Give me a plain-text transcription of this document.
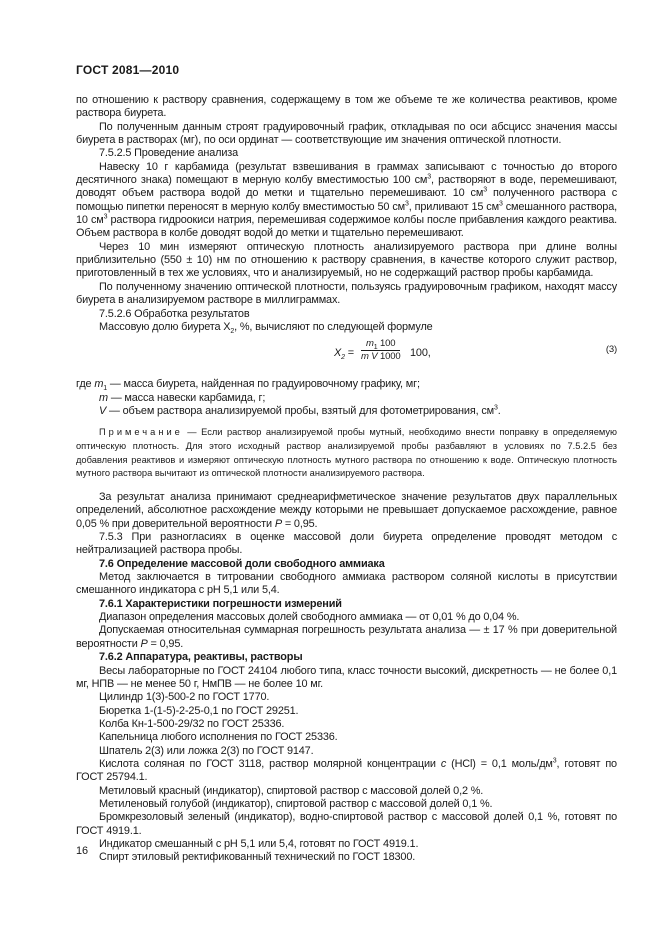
ГОСТ 2081—2010

по отношению к раствору сравнения, содержащему в том же объеме те же количества реактивов, кроме раствора биурета.

По полученным данным строят градуировочный график, откладывая по оси абсцисс значения массы биурета в растворах (мг), по оси ординат — соответствующие им значения оптической плотности.

7.5.2.5 Проведение анализа

Навеску 10 г карбамида (результат взвешивания в граммах записывают с точностью до второго десятичного знака) помещают в мерную колбу вместимостью 100 $см^3$, растворяют в воде, перемешивают, доводят объем раствора водой до метки и тщательно перемешивают. 10 $см^3$ полученного раствора с помощью пипетки переносят в мерную колбу вместимостью 50 $см^3$, приливают 15 $см^3$ смешанного раствора, 10 $см^3$ раствора гидроокиси натрия, перемешивая содержимое колбы после прибавления каждого реактива. Объем раствора в колбе доводят водой до метки и тщательно перемешивают.

Через 10 мин измеряют оптическую плотность анализируемого раствора при длине волны приблизительно (550 ± 10) нм по отношению к раствору сравнения, в качестве которого служит раствор, приготовленный в тех же условиях, что и анализируемый, но не содержащий раствор пробы карбамида.

По полученному значению оптической плотности, пользуясь градуировочным графиком, находят массу биурета в анализируемом растворе в миллиграммах.

7.5.2.6 Обработка результатов

Массовую долю биурета $X_2$, %, вычисляют по следующей формуле

$X_2 = \frac{m_1 100}{\text{m V 1000}} 100$,	(3)

где $m_1$ — масса биурета, найденная по градуировочному графику, мг;

m — масса навески карбамида, г;

V — объем раствора анализируемой пробы, взятый для фотометрирования, $см^3$.

Примечание — Если раствор анализируемой пробы мутный, необходимо внести поправку в определяемую оптическую плотность. Для этого исходный раствор анализируемой пробы разбавляют в условиях по 7.5.2.5 без добавления реактивов и измеряют оптическую плотность мутного раствора по отношению к воде. Оптическую плотность мутного раствора вычитают из оптической плотности анализируемого раствора.

За результат анализа принимают среднеарифметическое значение результатов двух параллельных определений, абсолютное расхождение между которыми не превышает допускаемое расхождение, равное 0,05 % при доверительной вероятности P = 0,95.

7.5.3 При разногласиях в оценке массовой доли биурета определение проводят методом с нейтрализацией раствора пробы.

7.6 Определение массовой доли свободного аммиака

Метод заключается в титровании свободного аммиака раствором соляной кислоты в присутствии смешанного индикатора с pH 5,1 или 5,4.

7.6.1 Характеристики погрешности измерений

Диапазон определения массовых долей свободного аммиака — от 0,01 % до 0,04 %.

Допускаемая относительная суммарная погрешность результата анализа — ± 17 % при доверительной вероятности P = 0,95.

7.6.2 Аппаратура, реактивы, растворы

Весы лабораторные по ГОСТ 24104 любого типа, класс точности высокий, дискретность — не более 0,1 мг, НПВ — не менее 50 г, НмПВ — не более 10 мг.

Цилиндр 1(3)-500-2 по ГОСТ 1770.

Бюретка 1-(1-5)-2-25-0,1 по ГОСТ 29251.

Колба Кн-1-500-29/32 по ГОСТ 25336.

Капельница любого исполнения по ГОСТ 25336.

Шпатель 2(3) или ложка 2(3) по ГОСТ 9147.

Кислота соляная по ГОСТ 3118, раствор молярной концентрации c (HCl) = 0,1 моль/$дм^3$, готовят по ГОСТ 25794.1.

Метиловый красный (индикатор), спиртовой раствор с массовой долей 0,2 %.

Метиленовый голубой (индикатор), спиртовой раствор с массовой долей 0,1 %.

Бромкрезоловый зеленый (индикатор), водно-спиртовой раствор с массовой долей 0,1 %, готовят по ГОСТ 4919.1.

Индикатор смешанный с pH 5,1 или 5,4, готовят по ГОСТ 4919.1.

Спирт этиловый ректификованный технический по ГОСТ 18300.

16
